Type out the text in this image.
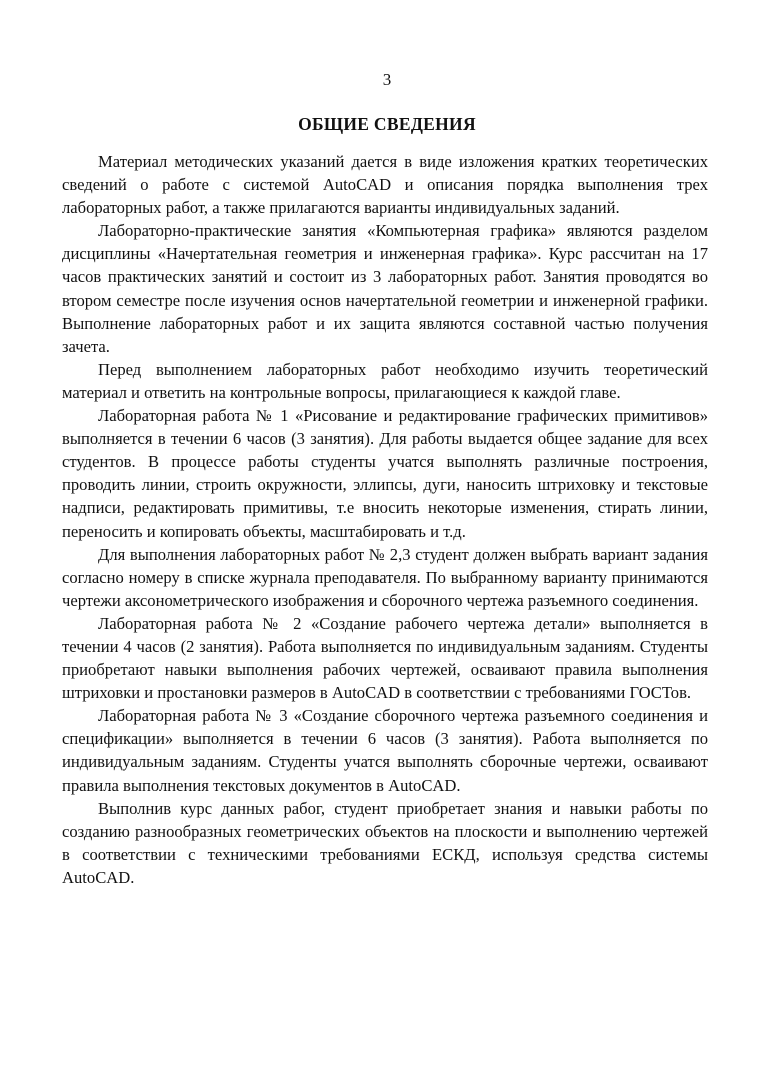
3
ОБЩИЕ СВЕДЕНИЯ

Материал методических указаний дается в виде изложения кратких теоретических сведений о работе с системой AutoCAD и описания порядка выполнения трех лабораторных работ, а также прилагаются варианты индивидуальных заданий.

Лабораторно-практические занятия «Компьютерная графика» являются разделом дисциплины «Начертательная геометрия и инженерная графика». Курс рассчитан на 17 часов практических занятий и состоит из 3 лабораторных работ. Занятия проводятся во втором семестре после изучения основ начертательной геометрии и инженерной графики. Выполнение лабораторных работ и их защита являются составной частью получения зачета.

Перед выполнением лабораторных работ необходимо изучить теоретический материал и ответить на контрольные вопросы, прилагающиеся к каждой главе.

Лабораторная работа № 1 «Рисование и редактирование графических примитивов» выполняется в течении 6 часов (3 занятия). Для работы выдается общее задание для всех студентов. В процессе работы студенты учатся выполнять различные построения, проводить линии, строить окружности, эллипсы, дуги, наносить штриховку и текстовые надписи, редактировать примитивы, т.е вносить некоторые изменения, стирать линии, переносить и копировать объекты, масштабировать и т.д.

Для выполнения лабораторных работ № 2,3 студент должен выбрать вариант задания согласно номеру в списке журнала преподавателя. По выбранному варианту принимаются чертежи аксонометрического изображения и сборочного чертежа разъемного соединения.

Лабораторная работа № 2 «Создание рабочего чертежа детали» выполняется в течении 4 часов (2 занятия). Работа выполняется по индивидуальным заданиям. Студенты приобретают навыки выполнения рабочих чертежей, осваивают правила выполнения штриховки и простановки размеров в AutoCAD в соответствии с требованиями ГОСТов.

Лабораторная работа № 3 «Создание сборочного чертежа разъемного соединения и спецификации» выполняется в течении 6 часов (3 занятия). Работа выполняется по индивидуальным заданиям. Студенты учатся выполнять сборочные чертежи, осваивают правила выполнения текстовых документов в AutoCAD.

Выполнив курс данных рабог, студент приобретает знания и навыки работы по созданию разнообразных геометрических объектов на плоскости и выполнению чертежей в соответствии с техническими требованиями ЕСКД, используя средства системы AutoCAD.
